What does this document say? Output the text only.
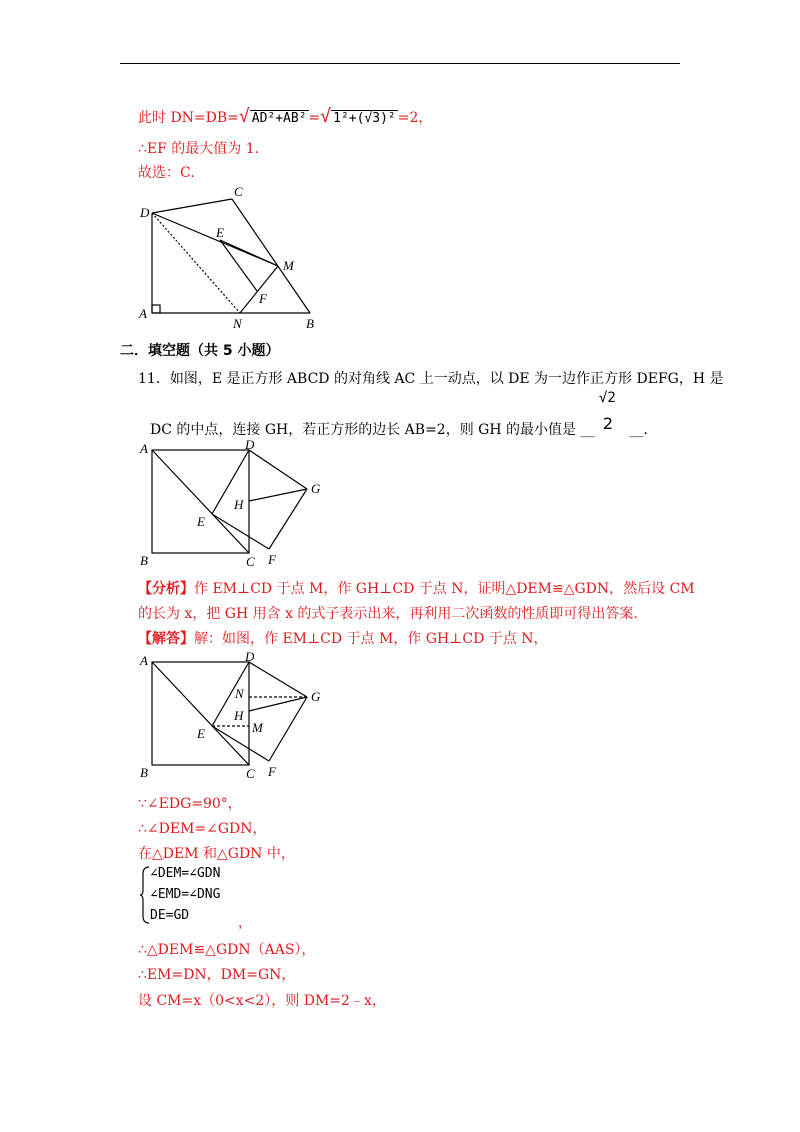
此时 DN=DB=√ AD²+AB² =√ 1²+(√3)² =2，
∴EF 的最大值为 1.
故选：C.
C
D
E
M
F
A
N	B
二．填空题（共 5 小题）
11．如图，E 是正方形 ABCD 的对角线 AC 上一动点，以 DE 为一边作正方形 DEFG，H 是
DC 的中点，连接 GH，若正方形的边长 AB=2，则 GH 的最小值是 __
√2
2 __.
A	D
G
H
E
B	C F
【分析】作 EM⊥CD 于点 M，作 GH⊥CD 于点 N，证明△DEM≌△GDN，然后设 CM
的长为 x，把 GH 用含 x 的式子表示出来，再利用二次函数的性质即可得出答案.
【解答】解：如图，作 EM⊥CD 于点 M，作 GH⊥CD 于点 N，
A	D
N	G
H
M
E
B	C F
∵∠EDG=90°，
∴∠DEM=∠GDN，
在△DEM 和△GDN 中，
∠DEM=∠GDN
∠EMD=∠DNG
DE=GD	，
∴△DEM≌△GDN（AAS），
∴EM=DN，DM=GN，
设 CM=x（0<x<2），则 DM=2﹣x，
